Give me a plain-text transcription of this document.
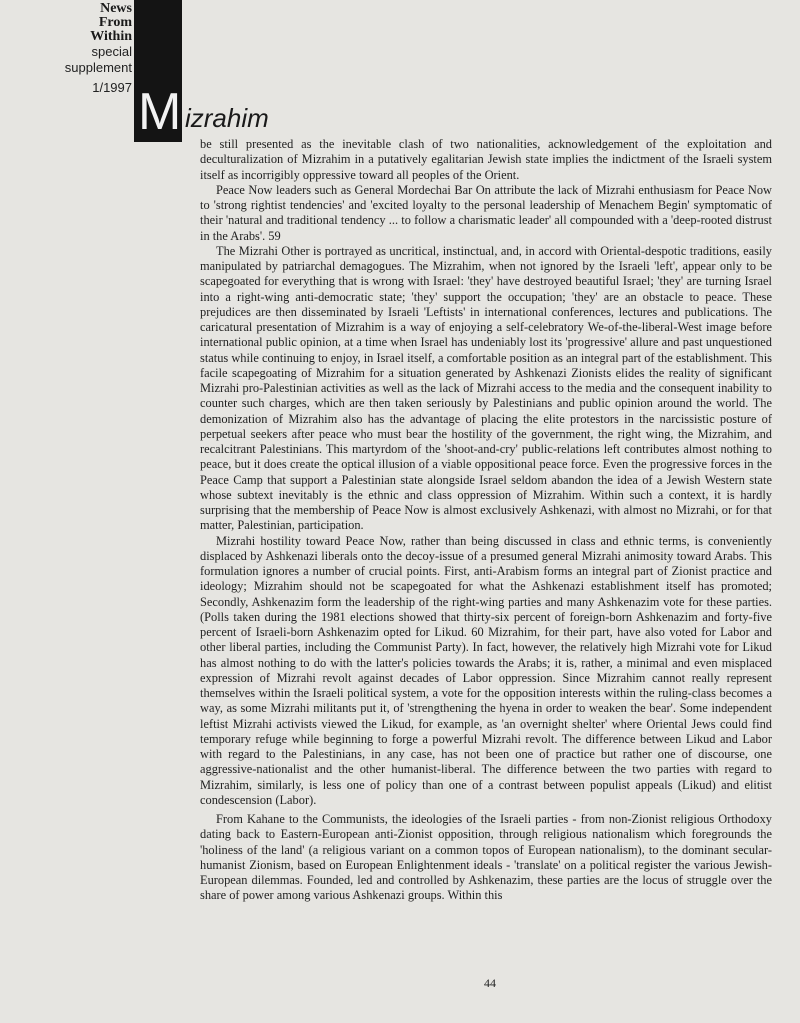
News
From
Within
special
supplement
1/1997 M izrahim

be still presented as the inevitable clash of two nationalities, acknowledgement of the exploitation and deculturalization of Mizrahim in a putatively egalitarian Jewish state implies the indictment of the Israeli system itself as incorrigibly oppressive toward all peoples of the Orient.

Peace Now leaders such as General Mordechai Bar On attribute the lack of Mizrahi enthusiasm for Peace Now to 'strong rightist tendencies' and 'excited loyalty to the personal leadership of Menachem Begin' symptomatic of their 'natural and traditional tendency ... to follow a charismatic leader' all compounded with a 'deep-rooted distrust in the Arabs'. 59

The Mizrahi Other is portrayed as uncritical, instinctual, and, in accord with Oriental-despotic traditions, easily manipulated by patriarchal demagogues. The Mizrahim, when not ignored by the Israeli 'left', appear only to be scapegoated for everything that is wrong with Israel: 'they' have destroyed beautiful Israel; 'they' are turning Israel into a right-wing anti-democratic state; 'they' support the occupation; 'they' are an obstacle to peace. These prejudices are then disseminated by Israeli 'Leftists' in international conferences, lectures and publications. The caricatural presentation of Mizrahim is a way of enjoying a self-celebratory We-of-the-liberal-West image before international public opinion, at a time when Israel has undeniably lost its 'progressive' allure and past unquestioned status while continuing to enjoy, in Israel itself, a comfortable position as an integral part of the establishment. This facile scapegoating of Mizrahim for a situation generated by Ashkenazi Zionists elides the reality of significant Mizrahi pro-Palestinian activities as well as the lack of Mizrahi access to the media and the consequent inability to counter such charges, which are then taken seriously by Palestinians and public opinion around the world. The demonization of Mizrahim also has the advantage of placing the elite protestors in the narcissistic posture of perpetual seekers after peace who must bear the hostility of the government, the right wing, the Mizrahim, and recalcitrant Palestinians. This martyrdom of the 'shoot-and-cry' public-relations left contributes almost nothing to peace, but it does create the optical illusion of a viable oppositional peace force. Even the progressive forces in the Peace Camp that support a Palestinian state alongside Israel seldom abandon the idea of a Jewish Western state whose subtext inevitably is the ethnic and class oppression of Mizrahim. Within such a context, it is hardly surprising that the membership of Peace Now is almost exclusively Ashkenazi, with almost no Mizrahi, or for that matter, Palestinian, participation.

Mizrahi hostility toward Peace Now, rather than being discussed in class and ethnic terms, is conveniently displaced by Ashkenazi liberals onto the decoy-issue of a presumed general Mizrahi animosity toward Arabs. This formulation ignores a number of crucial points. First, anti-Arabism forms an integral part of Zionist practice and ideology; Mizrahim should not be scapegoated for what the Ashkenazi establishment itself has promoted; Secondly, Ashkenazim form the leadership of the right-wing parties and many Ashkenazim vote for these parties. (Polls taken during the 1981 elections showed that thirty-six percent of foreign-born Ashkenazim and forty-five percent of Israeli-born Ashkenazim opted for Likud. 60 Mizrahim, for their part, have also voted for Labor and other liberal parties, including the Communist Party). In fact, however, the relatively high Mizrahi vote for Likud has almost nothing to do with the latter's policies towards the Arabs; it is, rather, a minimal and even misplaced expression of Mizrahi revolt against decades of Labor oppression. Since Mizrahim cannot really represent themselves within the Israeli political system, a vote for the opposition interests within the ruling-class becomes a way, as some Mizrahi militants put it, of 'strengthening the hyena in order to weaken the bear'. Some independent leftist Mizrahi activists viewed the Likud, for example, as 'an overnight shelter' where Oriental Jews could find temporary refuge while beginning to forge a powerful Mizrahi revolt. The difference between Likud and Labor with regard to the Palestinians, in any case, has not been one of practice but rather one of discourse, one aggressive-nationalist and the other humanist-liberal. The difference between the two parties with regard to Mizrahim, similarly, is less one of policy than one of a contrast between populist appeals (Likud) and elitist condescension (Labor).

From Kahane to the Communists, the ideologies of the Israeli parties - from non-Zionist religious Orthodoxy dating back to Eastern-European anti-Zionist opposition, through religious nationalism which foregrounds the 'holiness of the land' (a religious variant on a common topos of European nationalism), to the dominant secular-humanist Zionism, based on European Enlightenment ideals - 'translate' on a political register the various Jewish-European dilemmas. Founded, led and controlled by Ashkenazim, these parties are the locus of struggle over the share of power among various Ashkenazi groups. Within this

44
